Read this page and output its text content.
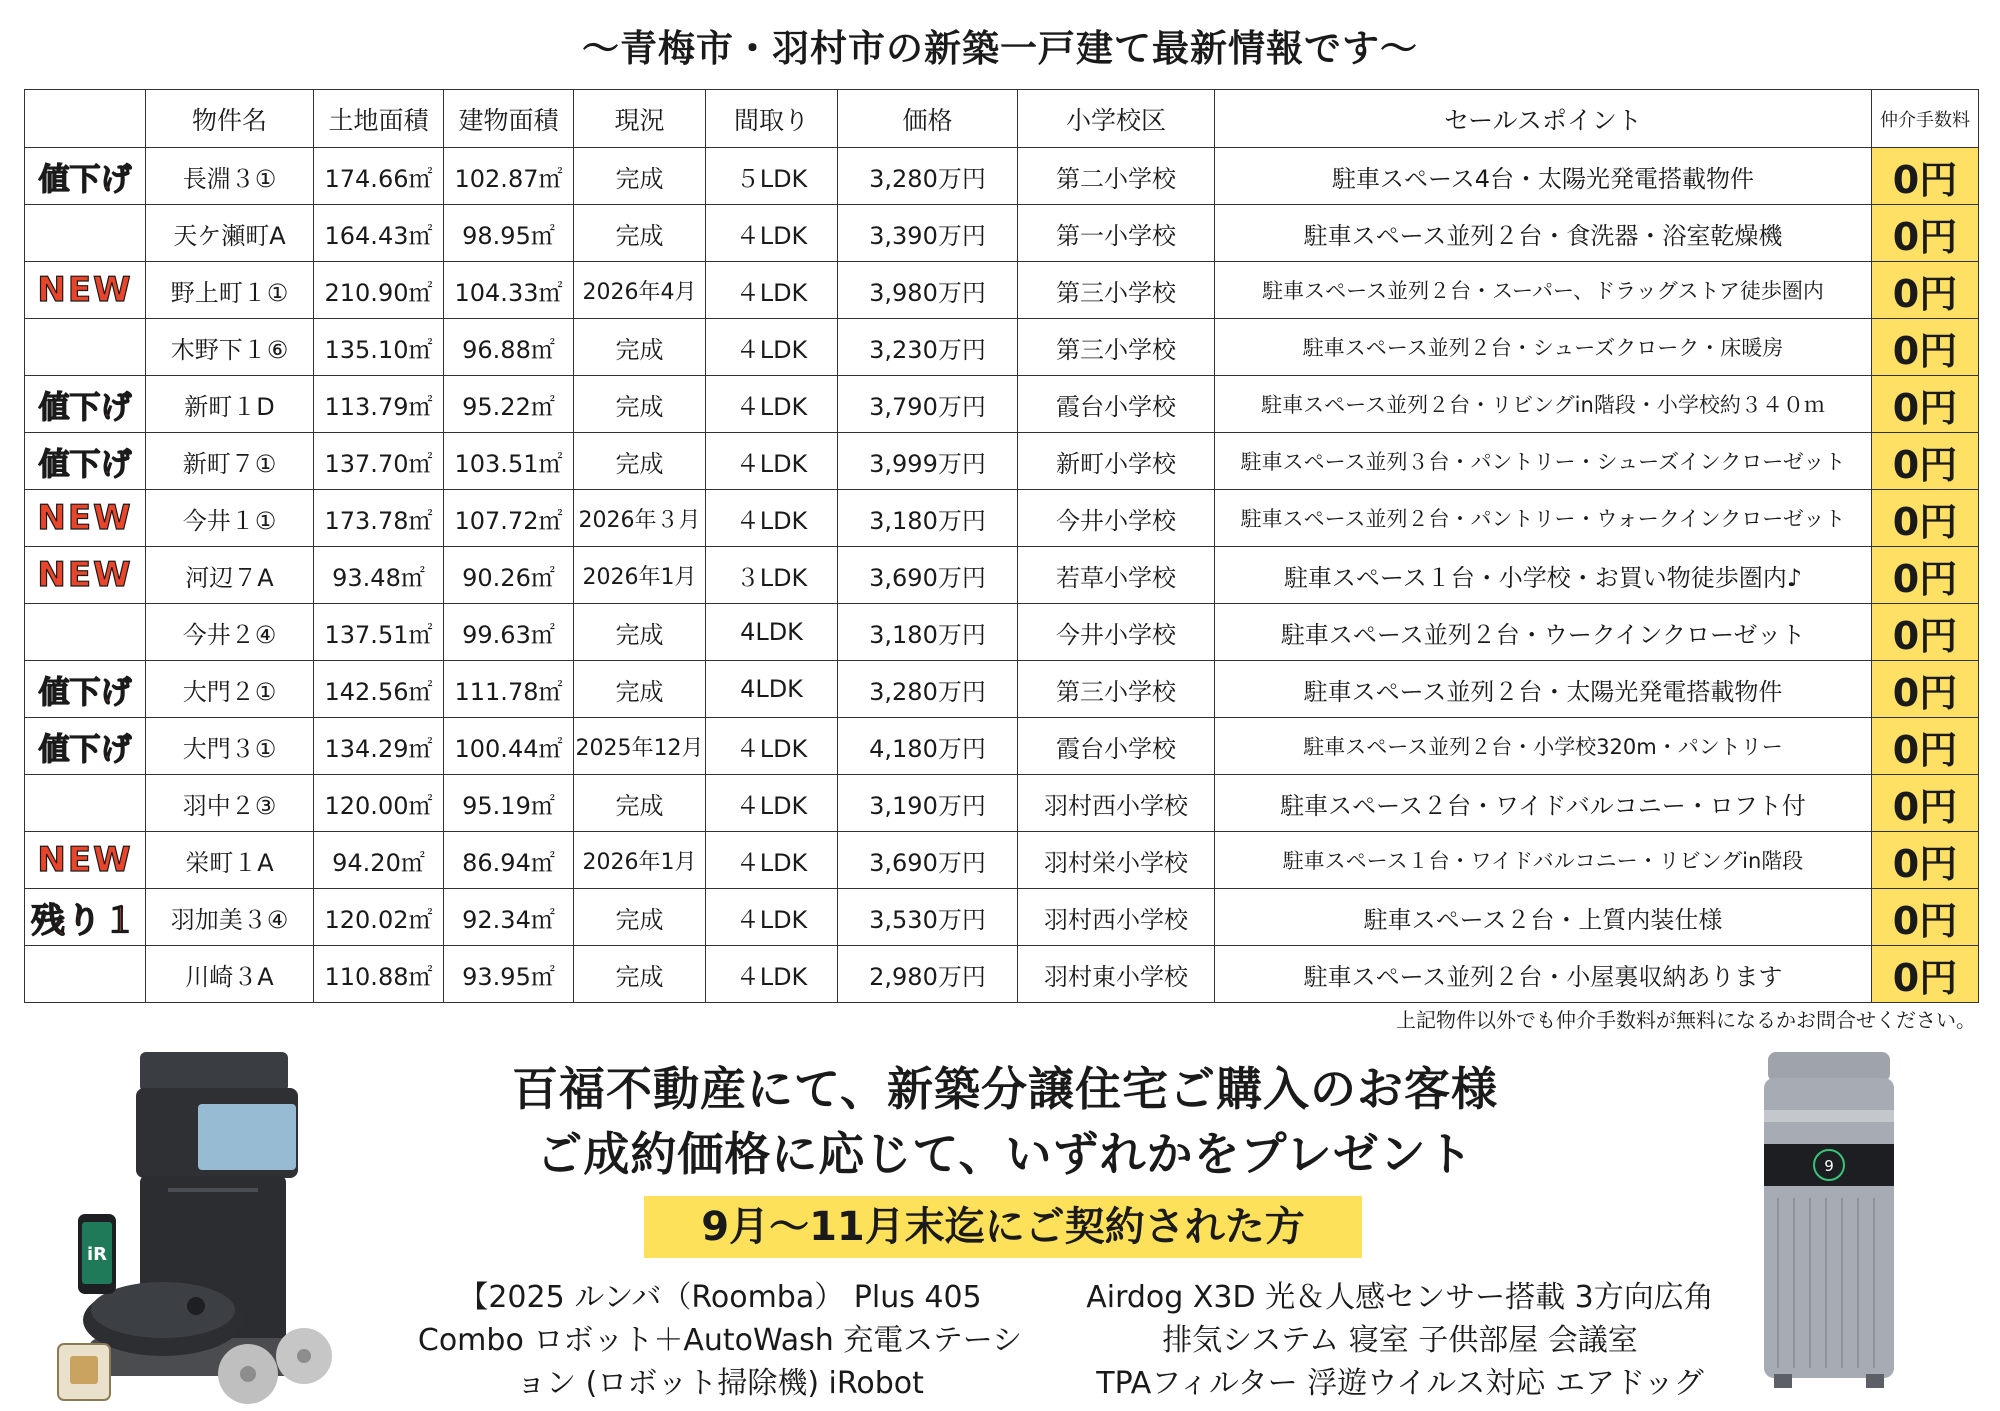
～青梅市・羽村市の新築一戸建て最新情報です～
	物件名	土地面積	建物面積	現況	間取り	価格	小学校区	セールスポイント	仲介手数料
値下げ	長淵３①	174.66㎡	102.87㎡	完成	５LDK	3,280万円	第二小学校	駐車スペース4台・太陽光発電搭載物件	0円
	天ケ瀬町A	164.43㎡	98.95㎡	完成	４LDK	3,390万円	第一小学校	駐車スペース並列２台・食洗器・浴室乾燥機	0円
NEW	野上町１①	210.90㎡	104.33㎡	2026年4月	４LDK	3,980万円	第三小学校	駐車スペース並列２台・スーパー、ドラッグストア徒歩圏内	0円
	木野下１⑥	135.10㎡	96.88㎡	完成	４LDK	3,230万円	第三小学校	駐車スペース並列２台・シューズクローク・床暖房	0円
値下げ	新町１D	113.79㎡	95.22㎡	完成	４LDK	3,790万円	霞台小学校	駐車スペース並列２台・リビングin階段・小学校約３４０ｍ	0円
値下げ	新町７①	137.70㎡	103.51㎡	完成	４LDK	3,999万円	新町小学校	駐車スペース並列３台・パントリー・シューズインクローゼット	0円
NEW	今井１①	173.78㎡	107.72㎡	2026年３月	４LDK	3,180万円	今井小学校	駐車スペース並列２台・パントリー・ウォークインクローゼット	0円
NEW	河辺７A	93.48㎡	90.26㎡	2026年1月	３LDK	3,690万円	若草小学校	駐車スペース１台・小学校・お買い物徒歩圏内♪	0円
	今井２④	137.51㎡	99.63㎡	完成	4LDK	3,180万円	今井小学校	駐車スペース並列２台・ウークインクローゼット	0円
値下げ	大門２①	142.56㎡	111.78㎡	完成	4LDK	3,280万円	第三小学校	駐車スペース並列２台・太陽光発電搭載物件	0円
値下げ	大門３①	134.29㎡	100.44㎡	2025年12月	４LDK	4,180万円	霞台小学校	駐車スペース並列２台・小学校320m・パントリー	0円
	羽中２③	120.00㎡	95.19㎡	完成	４LDK	3,190万円	羽村西小学校	駐車スペース２台・ワイドバルコニー・ロフト付	0円
NEW	栄町１A	94.20㎡	86.94㎡	2026年1月	４LDK	3,690万円	羽村栄小学校	駐車スペース１台・ワイドバルコニー・リビングin階段	0円
残り１	羽加美３④	120.02㎡	92.34㎡	完成	４LDK	3,530万円	羽村西小学校	駐車スペース２台・上質内装仕様	0円
	川崎３A	110.88㎡	93.95㎡	完成	４LDK	2,980万円	羽村東小学校	駐車スペース並列２台・小屋裏収納あります	0円
上記物件以外でも仲介手数料が無料になるかお問合せください。
iR
百福不動産にて、新築分譲住宅ご購入のお客様
ご成約価格に応じて、いずれかをプレゼント
9月～11月末迄にご契約された方
【2025 ルンバ（Roomba） Plus 405
Combo ロボット＋AutoWash 充電ステーシ
ョン (ロボット掃除機) iRobot
Airdog X3D 光＆人感センサー搭載 3方向広角
排気システム 寝室 子供部屋 会議室
TPAフィルター 浮遊ウイルス対応 エアドッグ
9
